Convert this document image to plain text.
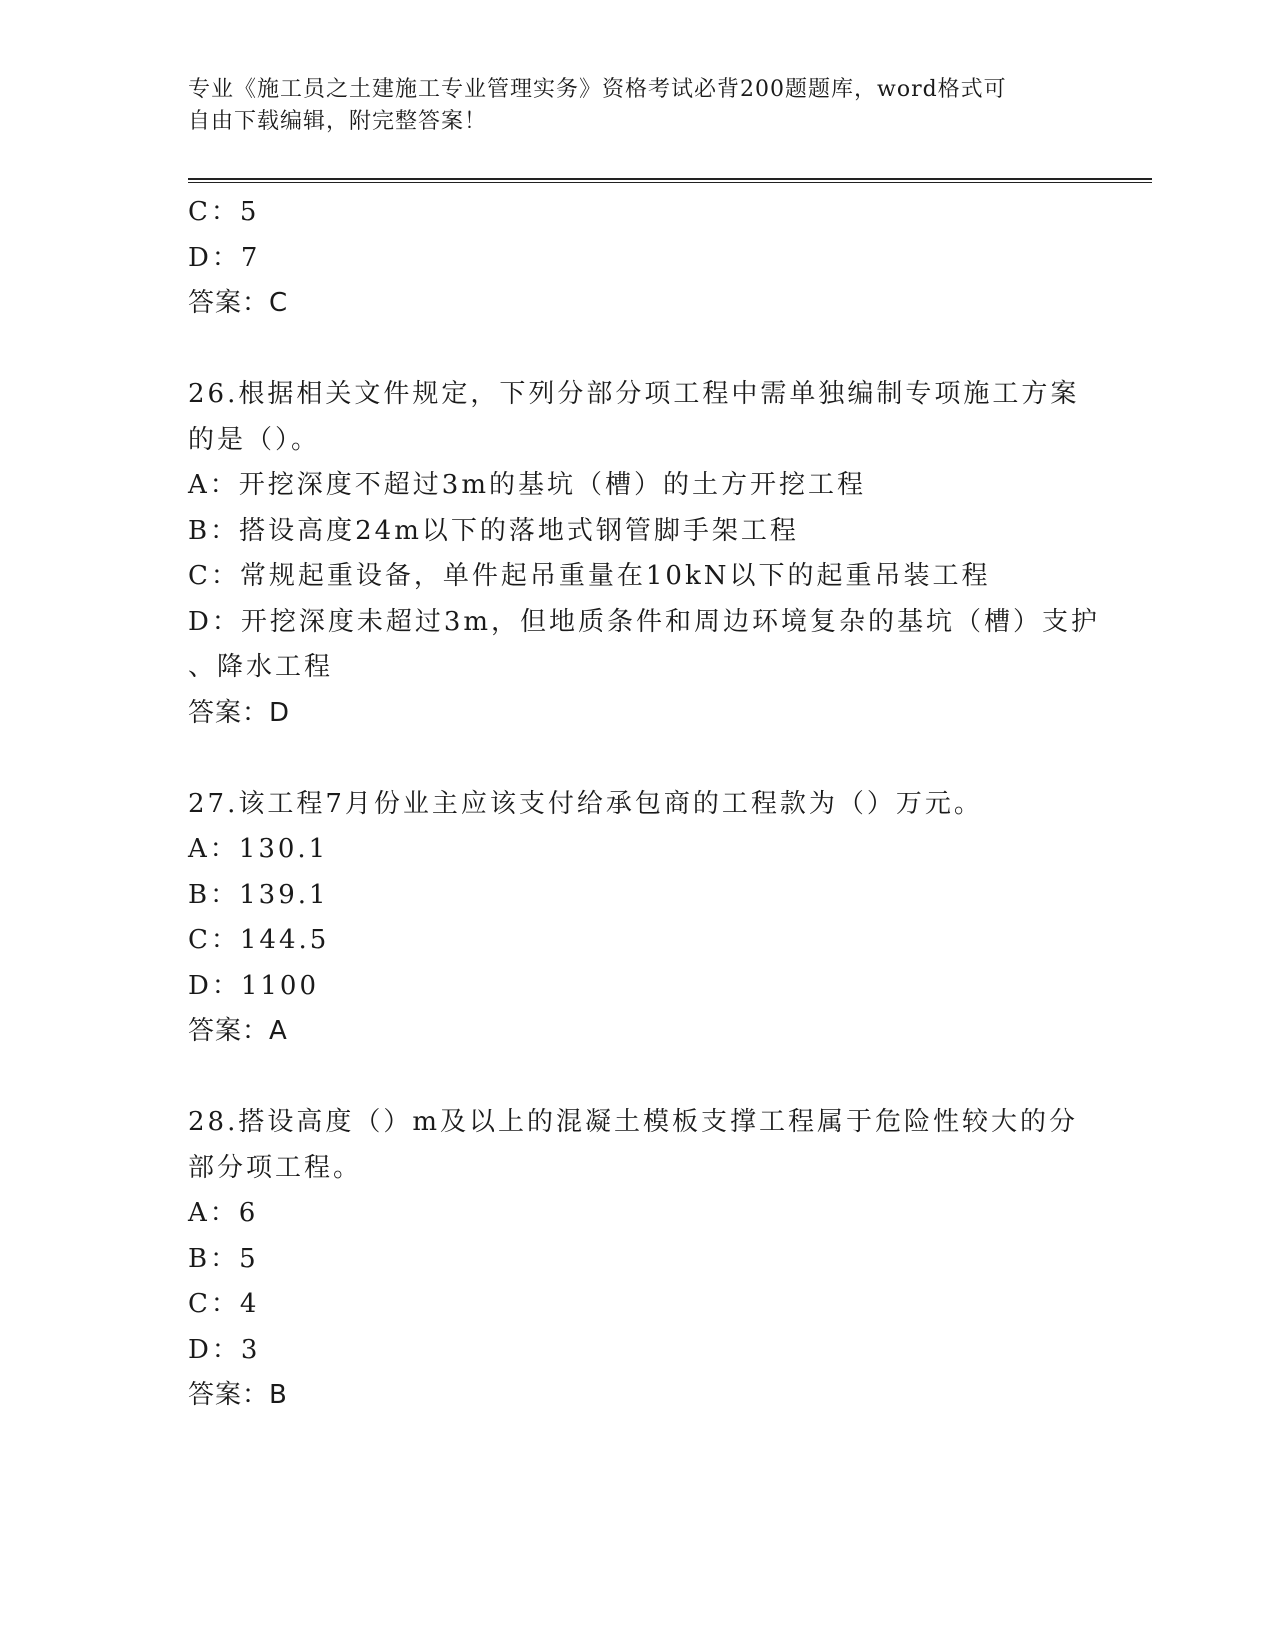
专业《施工员之土建施工专业管理实务》资格考试必背200题题库，word格式可
自由下载编辑，附完整答案！
C：5
D：7
答案：C
26.根据相关文件规定，下列分部分项工程中需单独编制专项施工方案
的是（）。
A：开挖深度不超过3m的基坑（槽）的土方开挖工程
B：搭设高度24m以下的落地式钢管脚手架工程
C：常规起重设备，单件起吊重量在10kN以下的起重吊装工程
D：开挖深度未超过3m，但地质条件和周边环境复杂的基坑（槽）支护
、降水工程
答案：D
27.该工程7月份业主应该支付给承包商的工程款为（）万元。
A：130.1
B：139.1
C：144.5
D：1100
答案：A
28.搭设高度（）m及以上的混凝土模板支撑工程属于危险性较大的分
部分项工程。
A：6
B：5
C：4
D：3
答案：B
